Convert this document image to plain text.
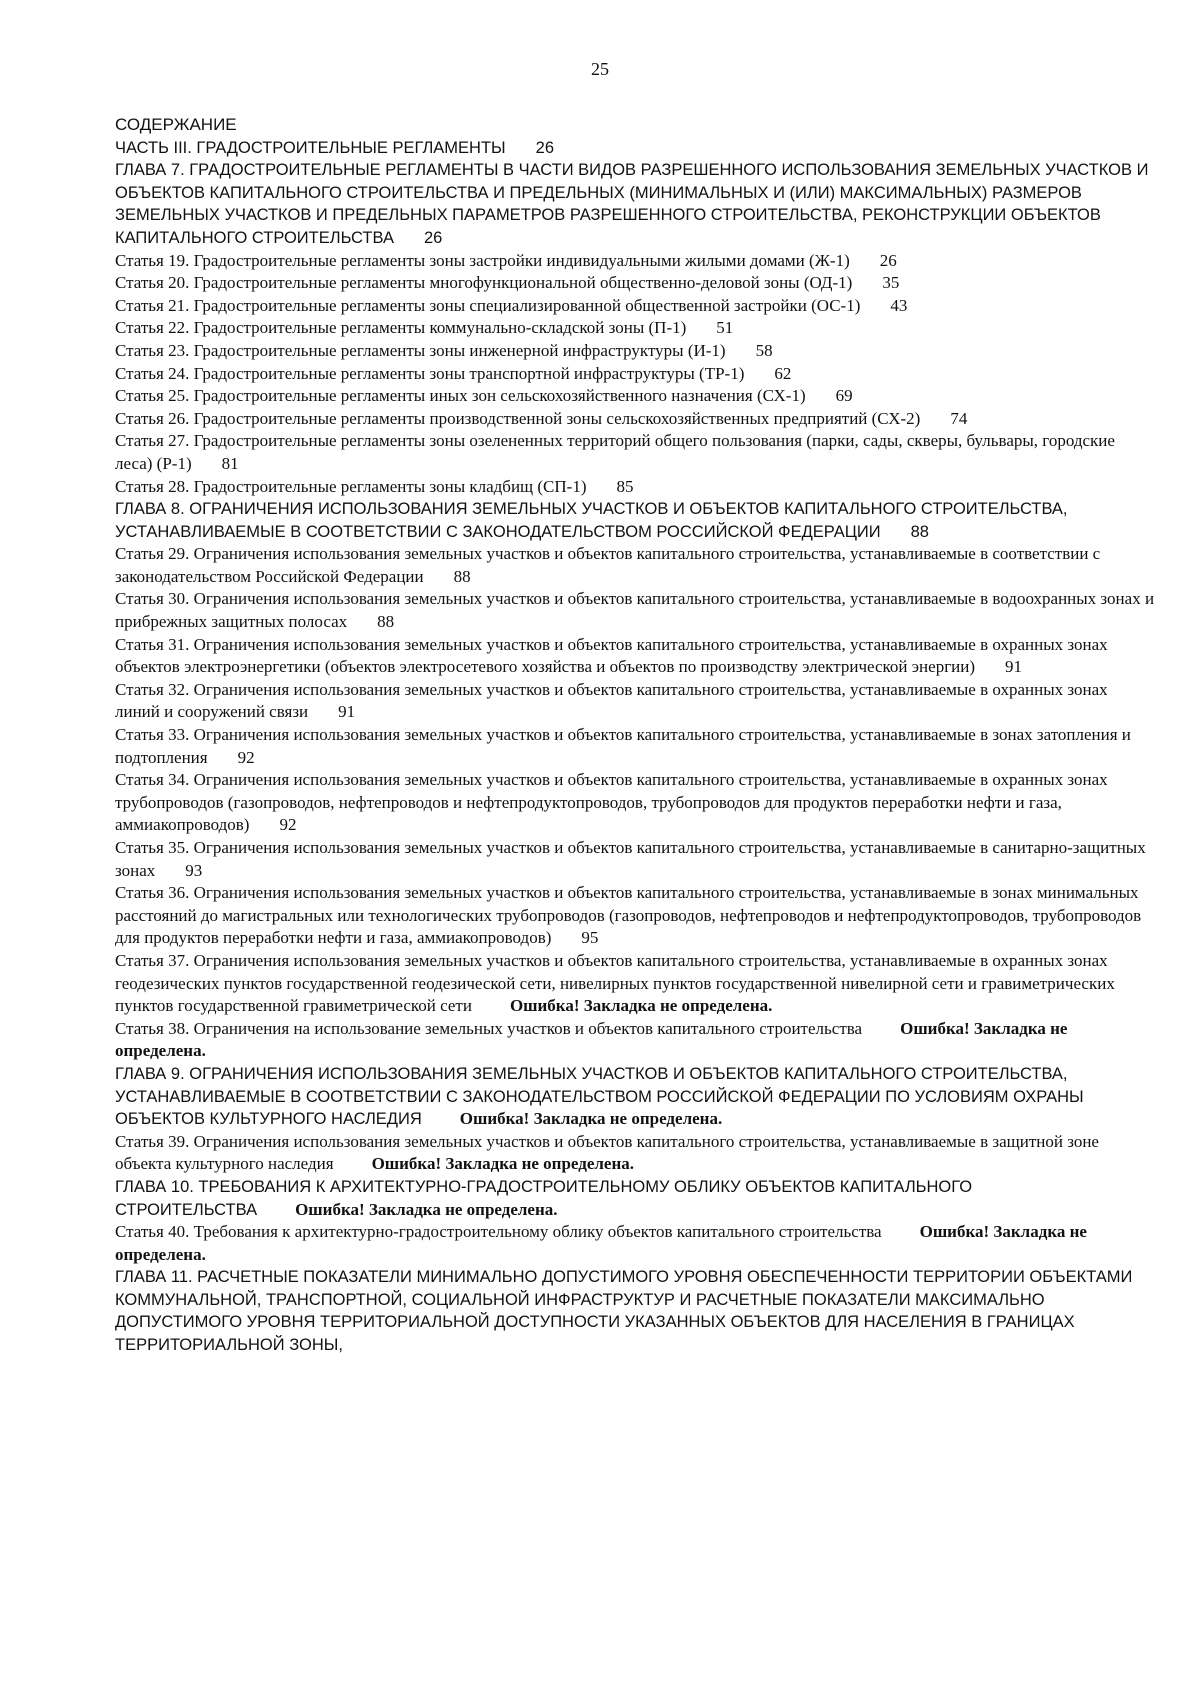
25
СОДЕРЖАНИЕ

ЧАСТЬ III. ГРАДОСТРОИТЕЛЬНЫЕ РЕГЛАМЕНТЫ 26

ГЛАВА 7. ГРАДОСТРОИТЕЛЬНЫЕ РЕГЛАМЕНТЫ В ЧАСТИ ВИДОВ РАЗРЕШЕННОГО ИСПОЛЬЗОВАНИЯ ЗЕМЕЛЬНЫХ УЧАСТКОВ И ОБЪЕКТОВ КАПИТАЛЬНОГО СТРОИТЕЛЬСТВА И ПРЕДЕЛЬНЫХ (МИНИМАЛЬНЫХ И (ИЛИ) МАКСИМАЛЬНЫХ) РАЗМЕРОВ ЗЕМЕЛЬНЫХ УЧАСТКОВ И ПРЕДЕЛЬНЫХ ПАРАМЕТРОВ РАЗРЕШЕННОГО СТРОИТЕЛЬСТВА, РЕКОНСТРУКЦИИ ОБЪЕКТОВ КАПИТАЛЬНОГО СТРОИТЕЛЬСТВА 26

Статья 19. Градостроительные регламенты зоны застройки индивидуальными жилыми домами (Ж-1) 26

Статья 20. Градостроительные регламенты многофункциональной общественно-деловой зоны (ОД-1) 35

Статья 21. Градостроительные регламенты зоны специализированной общественной застройки (ОС-1) 43

Статья 22. Градостроительные регламенты коммунально-складской зоны (П-1) 51

Статья 23. Градостроительные регламенты зоны инженерной инфраструктуры (И-1) 58

Статья 24. Градостроительные регламенты зоны транспортной инфраструктуры (ТР-1) 62

Статья 25. Градостроительные регламенты иных зон сельскохозяйственного назначения (СХ-1) 69

Статья 26. Градостроительные регламенты производственной зоны сельскохозяйственных предприятий (СХ-2) 74

Статья 27. Градостроительные регламенты зоны озелененных территорий общего пользования (парки, сады, скверы, бульвары, городские леса) (Р-1) 81

Статья 28. Градостроительные регламенты зоны кладбищ (СП-1) 85

ГЛАВА 8. ОГРАНИЧЕНИЯ ИСПОЛЬЗОВАНИЯ ЗЕМЕЛЬНЫХ УЧАСТКОВ И ОБЪЕКТОВ КАПИТАЛЬНОГО СТРОИТЕЛЬСТВА, УСТАНАВЛИВАЕМЫЕ В СООТВЕТСТВИИ С ЗАКОНОДАТЕЛЬСТВОМ РОССИЙСКОЙ ФЕДЕРАЦИИ 88

Статья 29. Ограничения использования земельных участков и объектов капитального строительства, устанавливаемые в соответствии с законодательством Российской Федерации 88

Статья 30. Ограничения использования земельных участков и объектов капитального строительства, устанавливаемые в водоохранных зонах и прибрежных защитных полосах 88

Статья 31. Ограничения использования земельных участков и объектов капитального строительства, устанавливаемые в охранных зонах объектов электроэнергетики (объектов электросетевого хозяйства и объектов по производству электрической энергии) 91

Статья 32. Ограничения использования земельных участков и объектов капитального строительства, устанавливаемые в охранных зонах линий и сооружений связи 91

Статья 33. Ограничения использования земельных участков и объектов капитального строительства, устанавливаемые в зонах затопления и подтопления 92

Статья 34. Ограничения использования земельных участков и объектов капитального строительства, устанавливаемые в охранных зонах трубопроводов (газопроводов, нефтепроводов и нефтепродуктопроводов, трубопроводов для продуктов переработки нефти и газа, аммиакопроводов) 92

Статья 35. Ограничения использования земельных участков и объектов капитального строительства, устанавливаемые в санитарно-защитных зонах 93

Статья 36. Ограничения использования земельных участков и объектов капитального строительства, устанавливаемые в зонах минимальных расстояний до магистральных или технологических трубопроводов (газопроводов, нефтепроводов и нефтепродуктопроводов, трубопроводов для продуктов переработки нефти и газа, аммиакопроводов) 95

Статья 37. Ограничения использования земельных участков и объектов капитального строительства, устанавливаемые в охранных зонах геодезических пунктов государственной геодезической сети, нивелирных пунктов государственной нивелирной сети и гравиметрических пунктов государственной гравиметрической сети Ошибка! Закладка не определена.

Статья 38. Ограничения на использование земельных участков и объектов капитального строительства Ошибка! Закладка не определена.

ГЛАВА 9. ОГРАНИЧЕНИЯ ИСПОЛЬЗОВАНИЯ ЗЕМЕЛЬНЫХ УЧАСТКОВ И ОБЪЕКТОВ КАПИТАЛЬНОГО СТРОИТЕЛЬСТВА, УСТАНАВЛИВАЕМЫЕ В СООТВЕТСТВИИ С ЗАКОНОДАТЕЛЬСТВОМ РОССИЙСКОЙ ФЕДЕРАЦИИ ПО УСЛОВИЯМ ОХРАНЫ ОБЪЕКТОВ КУЛЬТУРНОГО НАСЛЕДИЯ Ошибка! Закладка не определена.

Статья 39. Ограничения использования земельных участков и объектов капитального строительства, устанавливаемые в защитной зоне объекта культурного наследия Ошибка! Закладка не определена.

ГЛАВА 10. ТРЕБОВАНИЯ К АРХИТЕКТУРНО-ГРАДОСТРОИТЕЛЬНОМУ ОБЛИКУ ОБЪЕКТОВ КАПИТАЛЬНОГО СТРОИТЕЛЬСТВА Ошибка! Закладка не определена.

Статья 40. Требования к архитектурно-градостроительному облику объектов капитального строительства Ошибка! Закладка не определена.

ГЛАВА 11. РАСЧЕТНЫЕ ПОКАЗАТЕЛИ МИНИМАЛЬНО ДОПУСТИМОГО УРОВНЯ ОБЕСПЕЧЕННОСТИ ТЕРРИТОРИИ ОБЪЕКТАМИ КОММУНАЛЬНОЙ, ТРАНСПОРТНОЙ, СОЦИАЛЬНОЙ ИНФРАСТРУКТУР И РАСЧЕТНЫЕ ПОКАЗАТЕЛИ МАКСИМАЛЬНО ДОПУСТИМОГО УРОВНЯ ТЕРРИТОРИАЛЬНОЙ ДОСТУПНОСТИ УКАЗАННЫХ ОБЪЕКТОВ ДЛЯ НАСЕЛЕНИЯ В ГРАНИЦАХ ТЕРРИТОРИАЛЬНОЙ ЗОНЫ,
